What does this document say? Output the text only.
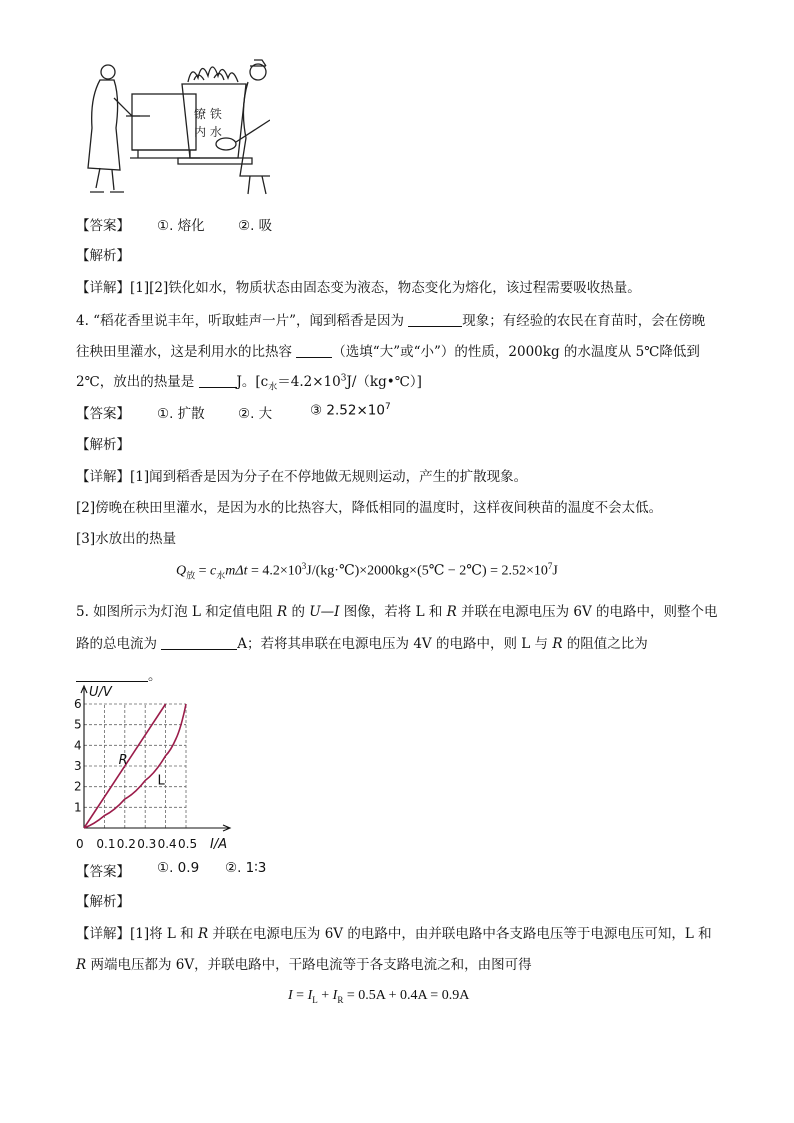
镣 铁
内 水
【答案】 ①. 熔化 ②. 吸
【解析】
【详解】[1][2]铁化如水，物质状态由固态变为液态，物态变化为熔化，该过程需要吸收热量。
4. “稻花香里说丰年，听取蛙声一片”，闻到稻香是因为	现象；有经验的农民在育苗时，会在傍晚
往秧田里灌水，这是利用水的比热容	（选填“大”或“小”）的性质，2000kg 的水温度从 5℃降低到
2℃，放出的热量是	J。$[c_水=4.2\times 10^3J/(kg•℃)]$
【答案】 ①. 扩散 ②. 大	③ $2.52\times 10^7$
【解析】
【详解】[1]闻到稻香是因为分子在不停地做无规则运动，产生的扩散现象。
[2]傍晚在秧田里灌水，是因为水的比热容大，降低相同的温度时，这样夜间秧苗的温度不会太低。
[3]水放出的热量
$Q_放 = c_水m\Delta t$ = $4.2\times 10^3J/(kg\cdot℃)\times 2000kg\times(5℃$ − 2℃) = $2.52\times 10^7J$
5. 如图所示为灯泡 L 和定值电阻 R 的 U—I 图像，若将 L 和 R 并联在电源电压为 6V 的电路中，则整个电
路的总电流为	A；若将其串联在电源电压为 4V 的电路中，则 L 与 R 的阻值之比为
。
1
2
3
4
5
6
0 0.1 0.2 0.3 0.4 0.5
U/V
I/A
R
L
【答案】 ①. 0.9 ②. 1∶3
【解析】
【详解】[1]将 L 和 R 并联在电源电压为 6V 的电路中，由并联电路中各支路电压等于电源电压可知，L 和
R 两端电压都为 6V，并联电路中，干路电流等于各支路电流之和，由图可得
$I = I_L + I_R = 0.5A + 0.4A = 0.9A$
